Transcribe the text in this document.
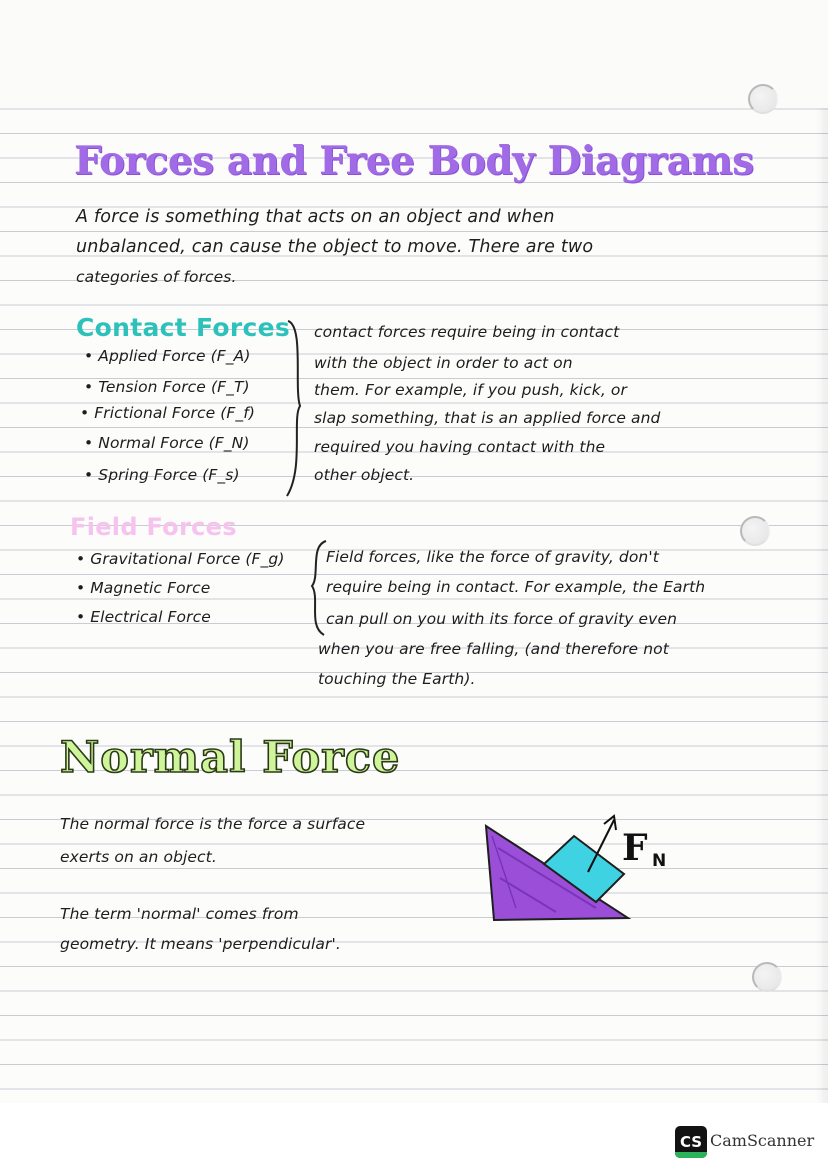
Forces and Free Body Diagrams

A force is something that acts on an object and when

unbalanced, can cause the object to move. There are two

categories of forces.

Contact Forces

• Applied Force (F_A)

• Tension Force (F_T)

• Frictional Force (F_f)

• Normal Force (F_N)

• Spring Force (F_s)

contact forces require being in contact

with the object in order to act on

them. For example, if you push, kick, or

slap something, that is an applied force and

required you having contact with the

other object.

Field Forces

• Gravitational Force (F_g)

• Magnetic Force

• Electrical Force

Field forces, like the force of gravity, don't

require being in contact. For example, the Earth

can pull on you with its force of gravity even

when you are free falling, (and therefore not

touching the Earth).

Normal Force

The normal force is the force a surface

exerts on an object.

The term 'normal' comes from

geometry. It means 'perpendicular'.

F N
CS CamScanner
